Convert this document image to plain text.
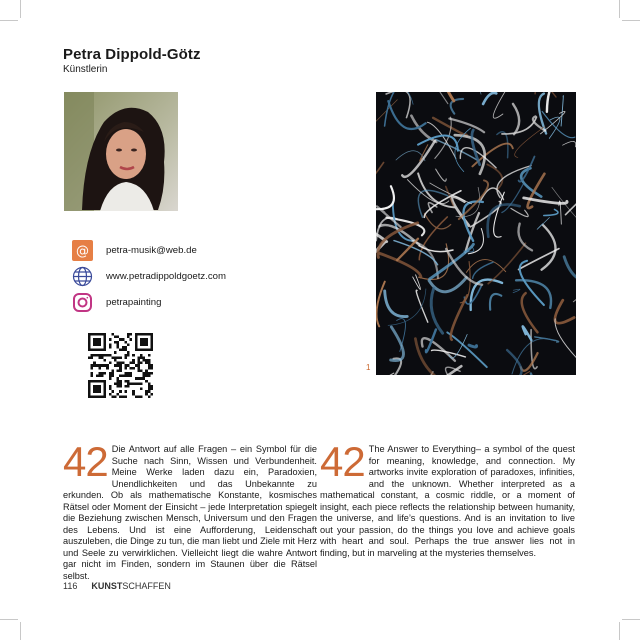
Petra Dippold-Götz
Künstlerin
@ petra-musik@web.de
www.petradippoldgoetz.com
petrapainting
1
42 Die Antwort auf alle Fragen – ein Symbol für die Suche nach Sinn, Wissen und Verbundenheit. Meine Werke laden dazu ein, Paradoxien, Unendlichkeiten und das Unbekannte zu erkunden. Ob als mathematische Konstante, kosmisches Rätsel oder Moment der Einsicht – jede Interpretation spiegelt die Beziehung zwischen Mensch, Universum und den Fragen des Lebens. Und ist eine Aufforderung, Leidenschaft auszuleben, die Dinge zu tun, die man liebt und Ziele mit Herz und Seele zu verwirklichen. Vielleicht liegt die wahre Antwort gar nicht im Finden, sondern im Staunen über die Rätsel selbst.
42 The Answer to Everything– a symbol of the quest for meaning, knowledge, and connection. My artworks invite exploration of paradoxes, infinities, and the unknown. Whether interpreted as a mathematical constant, a cosmic riddle, or a moment of insight, each piece reflects the relationship between humanity, the universe, and life’s questions. And is an invitation to live out your passion, do the things you love and achieve goals with heart and soul. Perhaps the true answer lies not in finding, but in marveling at the mysteries themselves.
116 KUNSTSCHAFFEN
